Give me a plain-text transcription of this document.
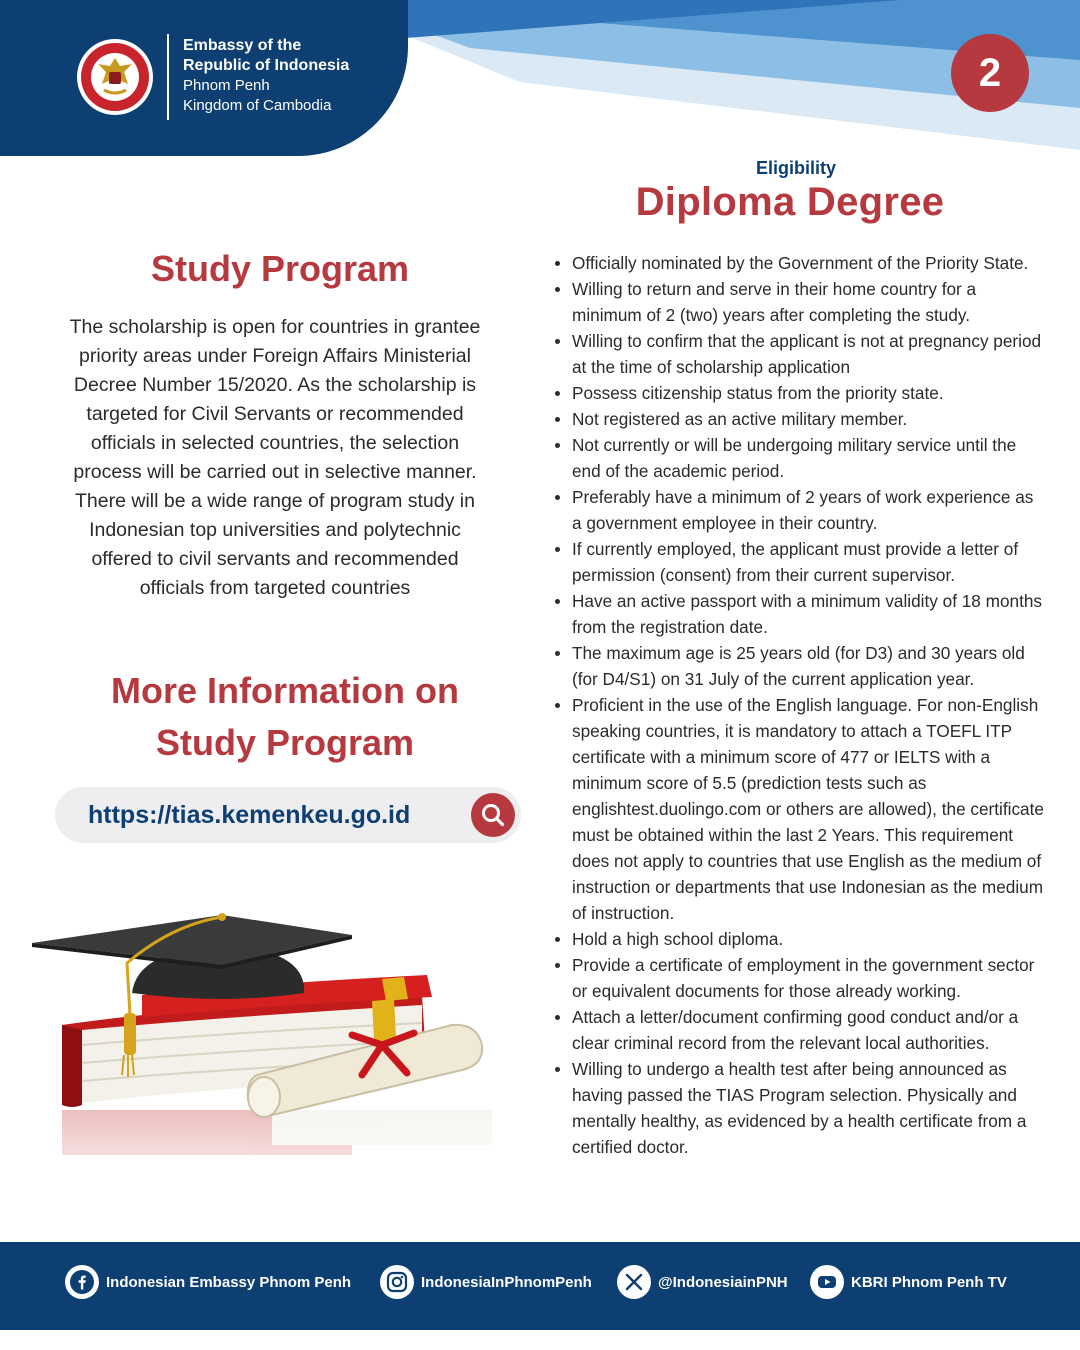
Embassy of the
Republic of Indonesia
Phnom Penh
Kingdom of Cambodia
2
Eligibility
Diploma Degree
Officially nominated by the Government of the Priority State.
Willing to return and serve in their home country for a minimum of 2 (two) years after completing the study.
Willing to confirm that the applicant is not at pregnancy period at the time of scholarship application
Possess citizenship status from the priority state.
Not registered as an active military member.
Not currently or will be undergoing military service until the end of the academic period.
Preferably have a minimum of 2 years of work experience as a government employee in their country.
If currently employed, the applicant must provide a letter of permission (consent) from their current supervisor.
Have an active passport with a minimum validity of 18 months from the registration date.
The maximum age is 25 years old (for D3) and 30 years old (for D4/S1) on 31 July of the current application year.
Proficient in the use of the English language. For non-English speaking countries, it is mandatory to attach a TOEFL ITP certificate with a minimum score of 477 or IELTS with a minimum score of 5.5 (prediction tests such as englishtest.duolingo.com or others are allowed), the certificate must be obtained within the last 2 Years. This requirement does not apply to countries that use English as the medium of instruction or departments that use Indonesian as the medium of instruction.
Hold a high school diploma.
Provide a certificate of employment in the government sector or equivalent documents for those already working.
Attach a letter/document confirming good conduct and/or a clear criminal record from the relevant local authorities.
Willing to undergo a health test after being announced as having passed the TIAS Program selection. Physically and mentally healthy, as evidenced by a health certificate from a certified doctor.
Study Program
The scholarship is open for countries in grantee priority areas under Foreign Affairs Ministerial Decree Number 15/2020. As the scholarship is targeted for Civil Servants or recommended officials in selected countries, the selection process will be carried out in selective manner. There will be a wide range of program study in Indonesian top universities and polytechnic offered to civil servants and recommended officials from targeted countries
More Information on
Study Program
https://tias.kemenkeu.go.id
Indonesian Embassy Phnom Penh	IndonesiaInPhnomPenh	@IndonesiainPNH	KBRI Phnom Penh TV
